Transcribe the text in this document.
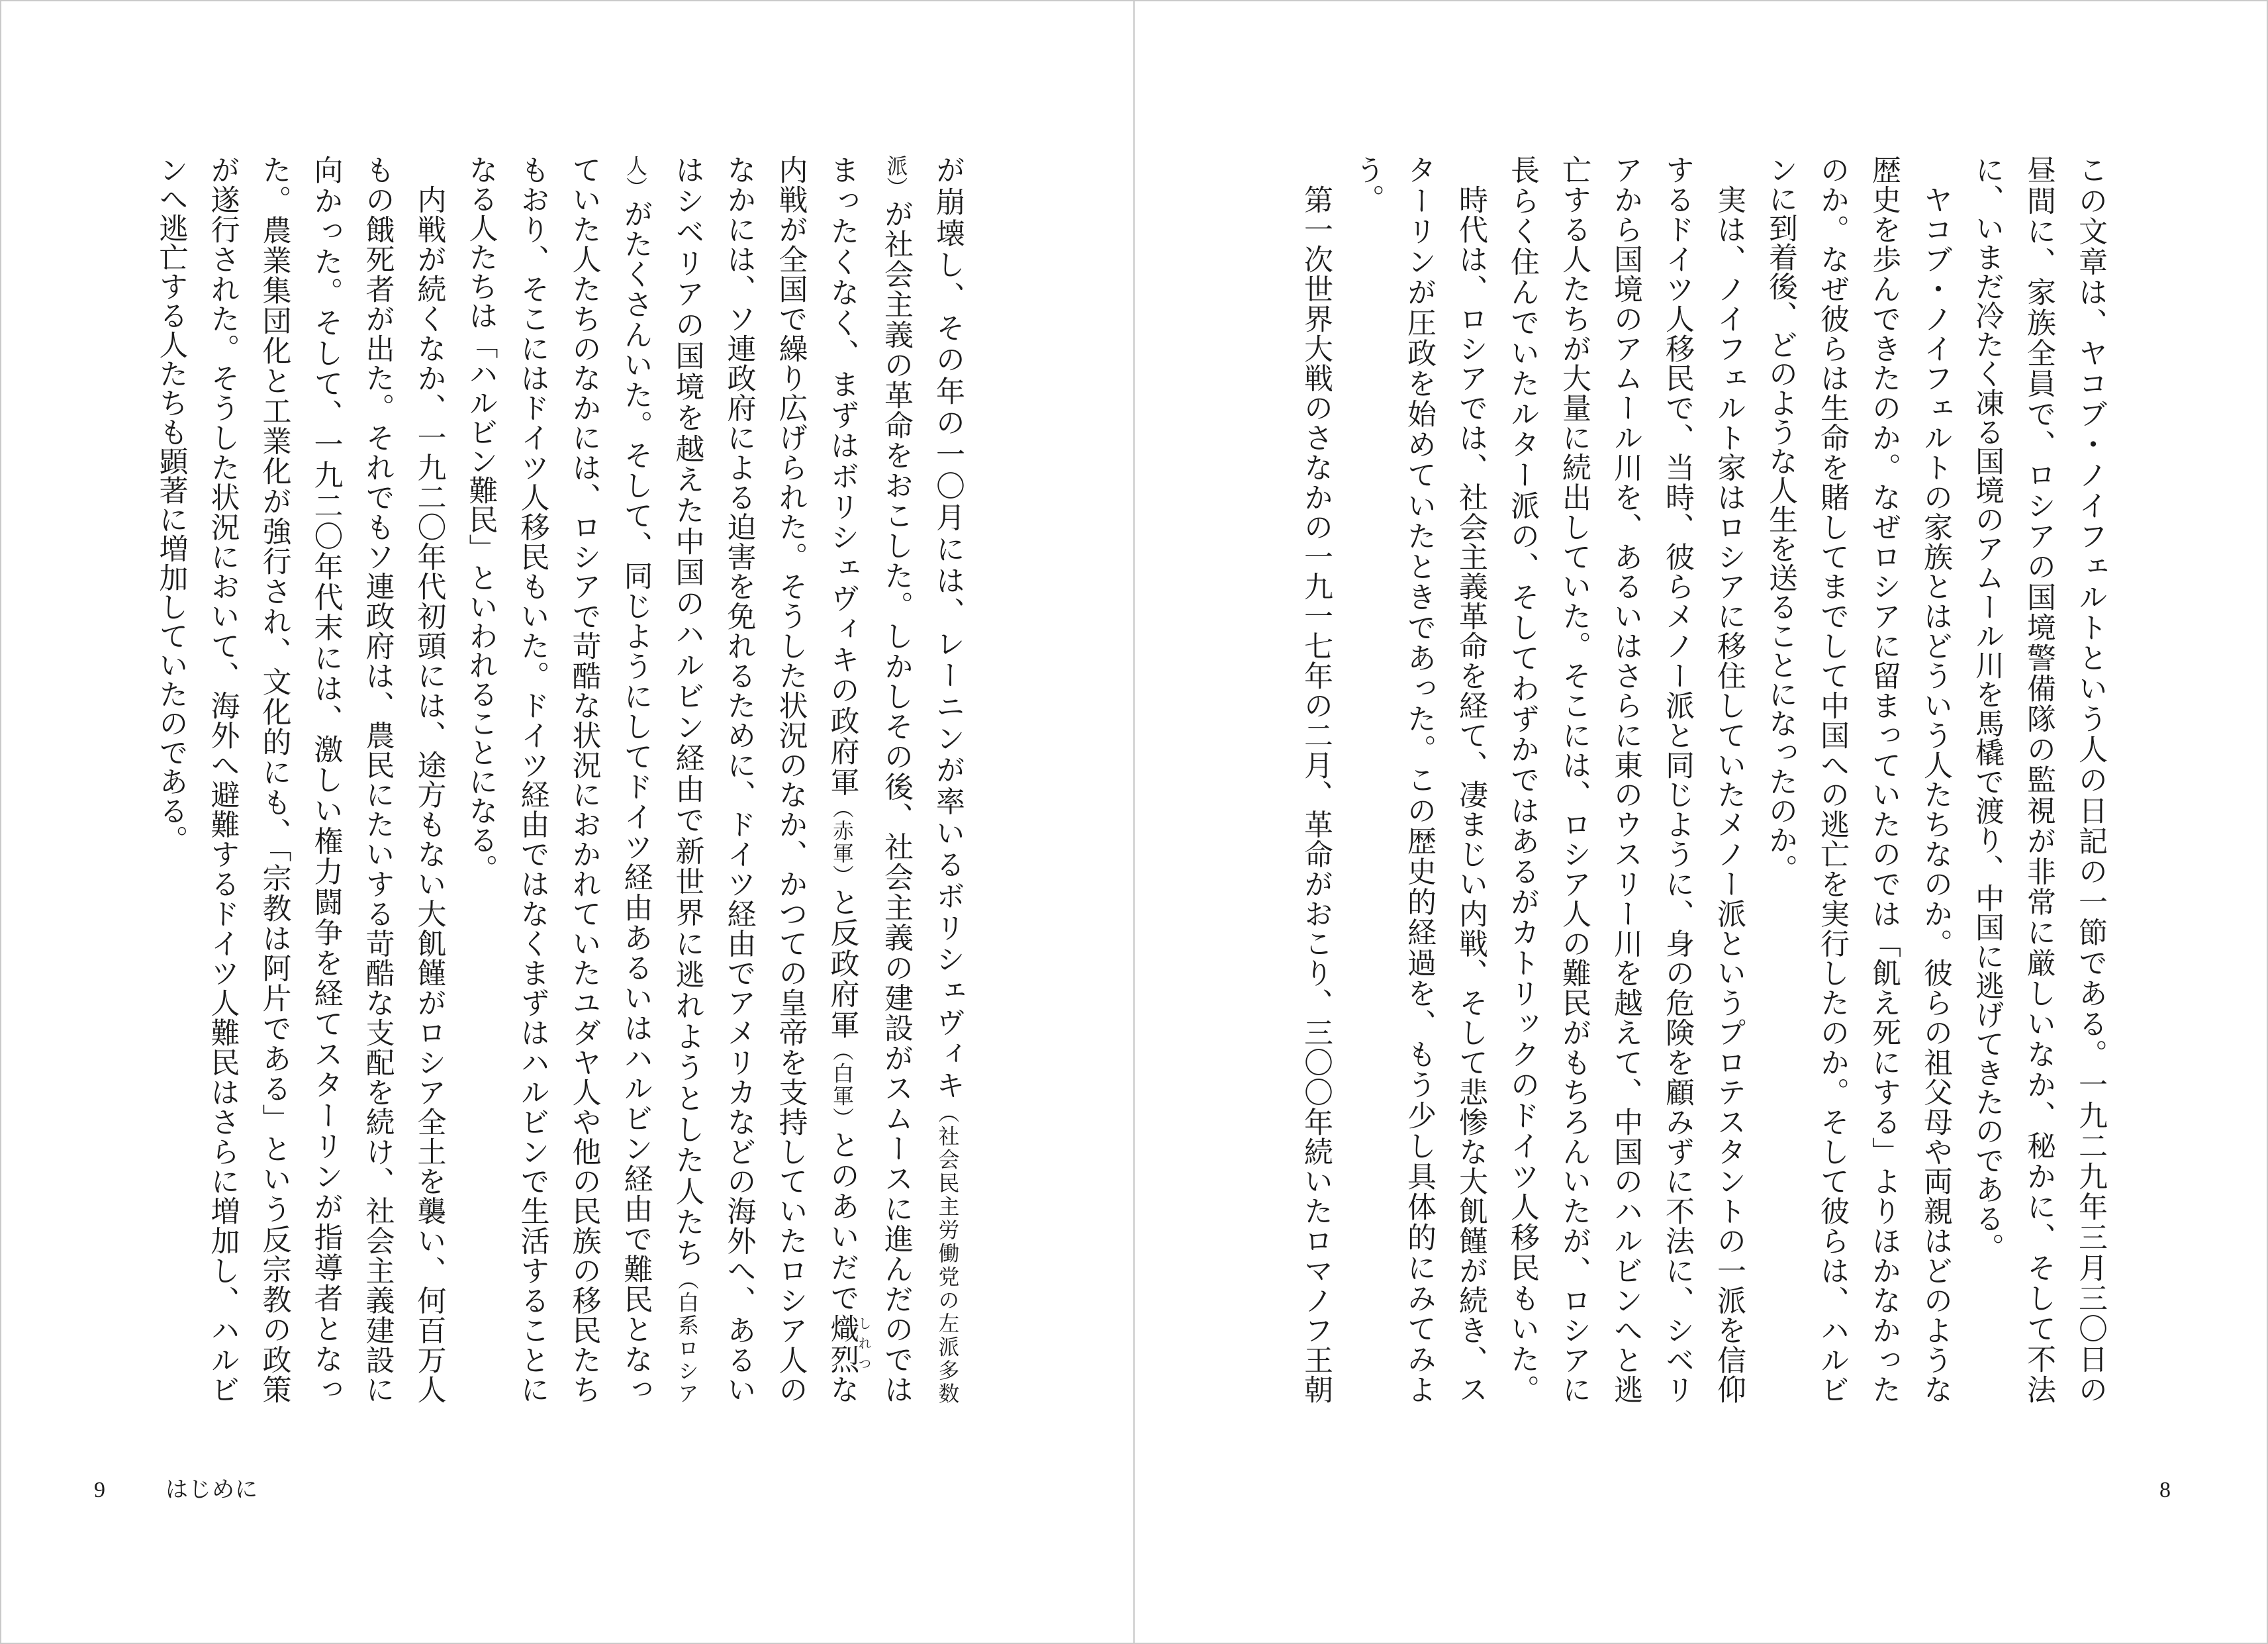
この文章は、ヤコブ・ノイフェルトという人の日記の一節である。一九二九年三月三〇日の
昼間に、家族全員で、ロシアの国境警備隊の監視が非常に厳しいなか、秘かに、そして不法
に、いまだ冷たく凍る国境のアムール川を馬橇で渡り、中国に逃げてきたのである。
　ヤコブ・ノイフェルトの家族とはどういう人たちなのか。彼らの祖父母や両親はどのような
歴史を歩んできたのか。なぜロシアに留まっていたのでは「飢え死にする」よりほかなかった
のか。なぜ彼らは生命を賭してまでして中国への逃亡を実行したのか。そして彼らは、ハルビ
ンに到着後、どのような人生を送ることになったのか。
　実は、ノイフェルト家はロシアに移住していたメノー派というプロテスタントの一派を信仰
するドイツ人移民で、当時、彼らメノー派と同じように、身の危険を顧みずに不法に、シベリ
アから国境のアムール川を、あるいはさらに東のウスリー川を越えて、中国のハルビンへと逃
亡する人たちが大量に続出していた。そこには、ロシア人の難民がもちろんいたが、ロシアに
長らく住んでいたルター派の、そしてわずかではあるがカトリックのドイツ人移民もいた。
　時代は、ロシアでは、社会主義革命を経て、凄まじい内戦、そして悲惨な大飢饉が続き、ス
ターリンが圧政を始めていたときであった。この歴史的経過を、もう少し具体的にみてみよ
う。
　第一次世界大戦のさなかの一九一七年の二月、革命がおこり、三〇〇年続いたロマノフ王朝
8
が崩壊し、その年の一〇月には、レーニンが率いるボリシェヴィキ（社会民主労働党の左派多数
派）が社会主義の革命をおこした。しかしその後、社会主義の建設がスムースに進んだのでは
まったくなく、まずはボリシェヴィキの政府軍（赤軍）と反政府軍（白軍）とのあいだで熾烈しれつな
内戦が全国で繰り広げられた。そうした状況のなか、かつての皇帝を支持していたロシア人の
なかには、ソ連政府による迫害を免れるために、ドイツ経由でアメリカなどの海外へ、あるい
はシベリアの国境を越えた中国のハルビン経由で新世界に逃れようとした人たち（白系ロシア
人）がたくさんいた。そして、同じようにしてドイツ経由あるいはハルビン経由で難民となっ
ていた人たちのなかには、ロシアで苛酷な状況におかれていたユダヤ人や他の民族の移民たち
もおり、そこにはドイツ人移民もいた。ドイツ経由ではなくまずはハルビンで生活することに
なる人たちは「ハルビン難民」といわれることになる。
　内戦が続くなか、一九二〇年代初頭には、途方もない大飢饉がロシア全土を襲い、何百万人
もの餓死者が出た。それでもソ連政府は、農民にたいする苛酷な支配を続け、社会主義建設に
向かった。そして、一九二〇年代末には、激しい権力闘争を経てスターリンが指導者となっ
た。農業集団化と工業化が強行され、文化的にも、「宗教は阿片である」という反宗教の政策
が遂行された。そうした状況において、海外へ避難するドイツ人難民はさらに増加し、ハルビ
ンへ逃亡する人たちも顕著に増加していたのである。
9	はじめに
